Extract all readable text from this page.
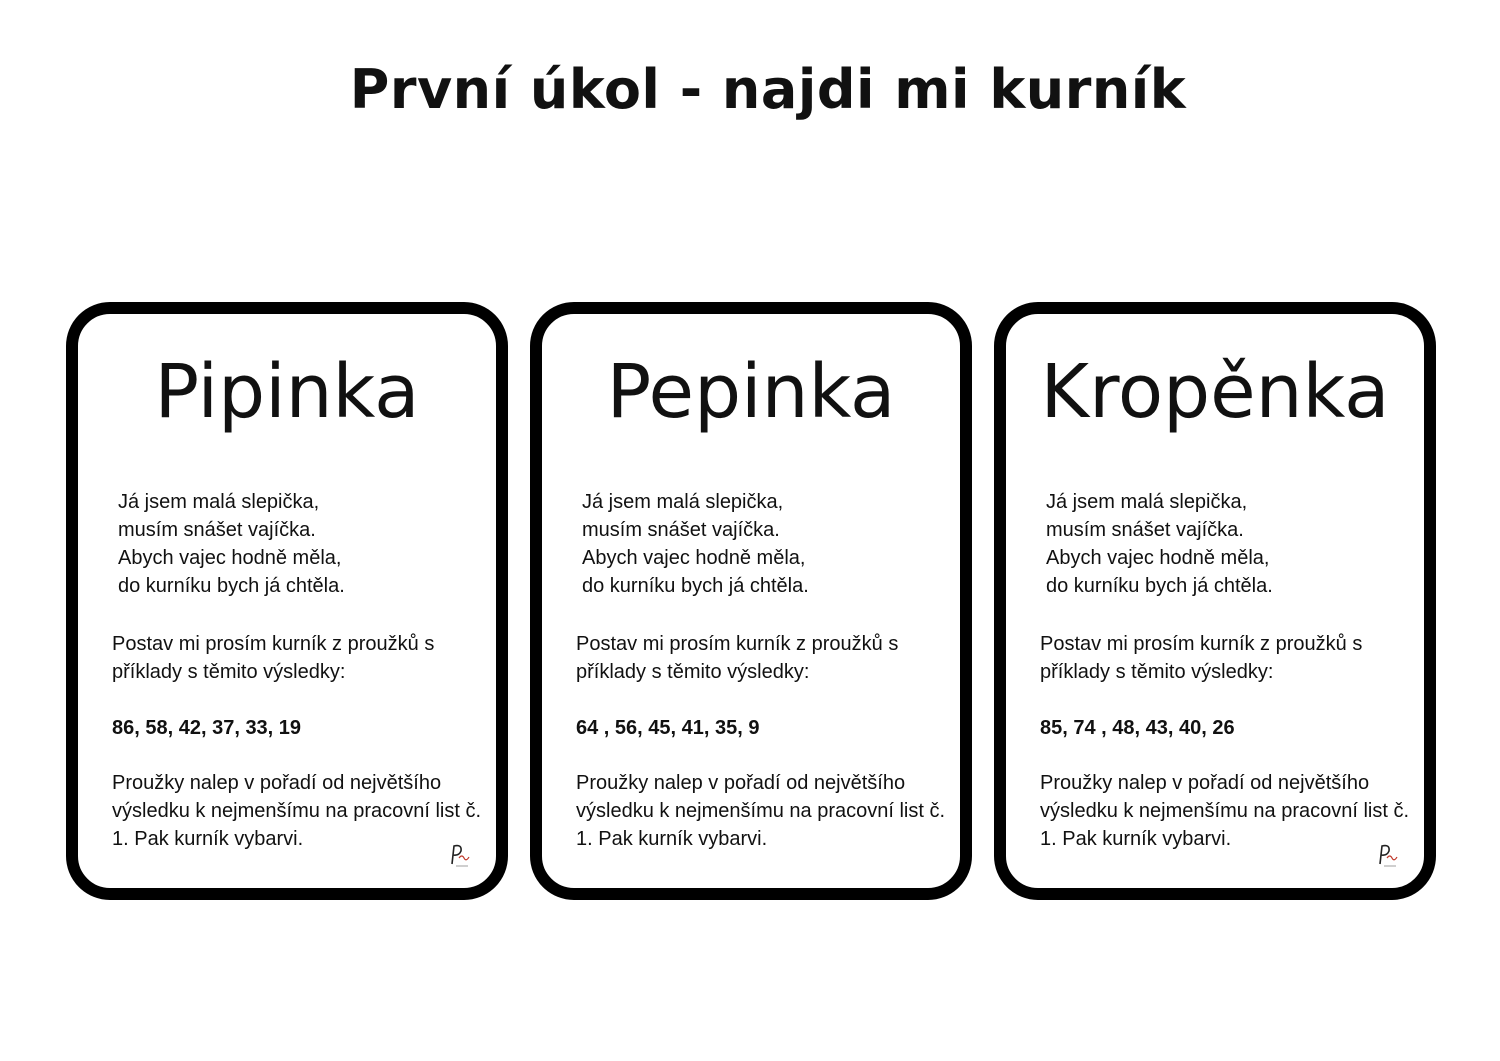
První úkol - najdi mi kurník
Pipinka

Já jsem malá slepička,
musím snášet vajíčka.
Abych vajec hodně měla,
do kurníku bych já chtěla.

Postav mi prosím kurník z proužků s příklady s těmito výsledky:

86, 58, 42, 37, 33, 19

Proužky nalep v pořadí od největšího výsledku k nejmenšímu na pracovní list č. 1. Pak kurník vybarvi.

Pepinka

Já jsem malá slepička,
musím snášet vajíčka.
Abych vajec hodně měla,
do kurníku bych já chtěla.

Postav mi prosím kurník z proužků s příklady s těmito výsledky:

64 , 56, 45, 41, 35, 9

Proužky nalep v pořadí od největšího výsledku k nejmenšímu na pracovní list č. 1. Pak kurník vybarvi.

Kropěnka

Já jsem malá slepička,
musím snášet vajíčka.
Abych vajec hodně měla,
do kurníku bych já chtěla.

Postav mi prosím kurník z proužků s příklady s těmito výsledky:

85, 74 , 48, 43, 40, 26

Proužky nalep v pořadí od největšího výsledku k nejmenšímu na pracovní list č. 1. Pak kurník vybarvi.
